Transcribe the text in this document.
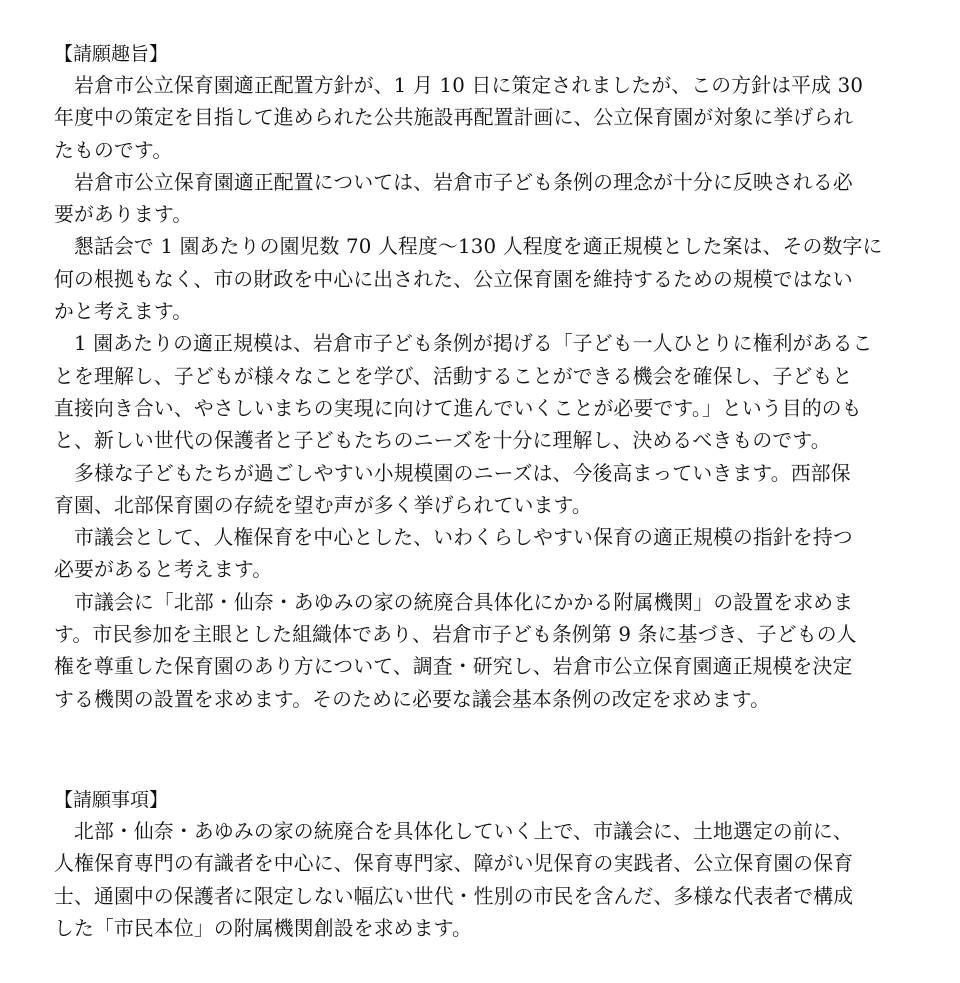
【請願趣旨】

　岩倉市公立保育園適正配置方針が、1 月 10 日に策定されましたが、この方針は平成 30

年度中の策定を目指して進められた公共施設再配置計画に、公立保育園が対象に挙げられ

たものです。

　岩倉市公立保育園適正配置については、岩倉市子ども条例の理念が十分に反映される必

要があります。

　懇話会で 1 園あたりの園児数 70 人程度～130 人程度を適正規模とした案は、その数字に

何の根拠もなく、市の財政を中心に出された、公立保育園を維持するための規模ではない

かと考えます。

　1 園あたりの適正規模は、岩倉市子ども条例が掲げる「子ども一人ひとりに権利があるこ

とを理解し、子どもが様々なことを学び、活動することができる機会を確保し、子どもと

直接向き合い、やさしいまちの実現に向けて進んでいくことが必要です。」という目的のも

と、新しい世代の保護者と子どもたちのニーズを十分に理解し、決めるべきものです。

　多様な子どもたちが過ごしやすい小規模園のニーズは、今後高まっていきます。西部保

育園、北部保育園の存続を望む声が多く挙げられています。

　市議会として、人権保育を中心とした、いわくらしやすい保育の適正規模の指針を持つ

必要があると考えます。

　市議会に「北部・仙奈・あゆみの家の統廃合具体化にかかる附属機関」の設置を求めま

す。市民参加を主眼とした組織体であり、岩倉市子ども条例第 9 条に基づき、子どもの人

権を尊重した保育園のあり方について、調査・研究し、岩倉市公立保育園適正規模を決定

する機関の設置を求めます。そのために必要な議会基本条例の改定を求めます。

【請願事項】

　北部・仙奈・あゆみの家の統廃合を具体化していく上で、市議会に、土地選定の前に、

人権保育専門の有識者を中心に、保育専門家、障がい児保育の実践者、公立保育園の保育

士、通園中の保護者に限定しない幅広い世代・性別の市民を含んだ、多様な代表者で構成

した「市民本位」の附属機関創設を求めます。
